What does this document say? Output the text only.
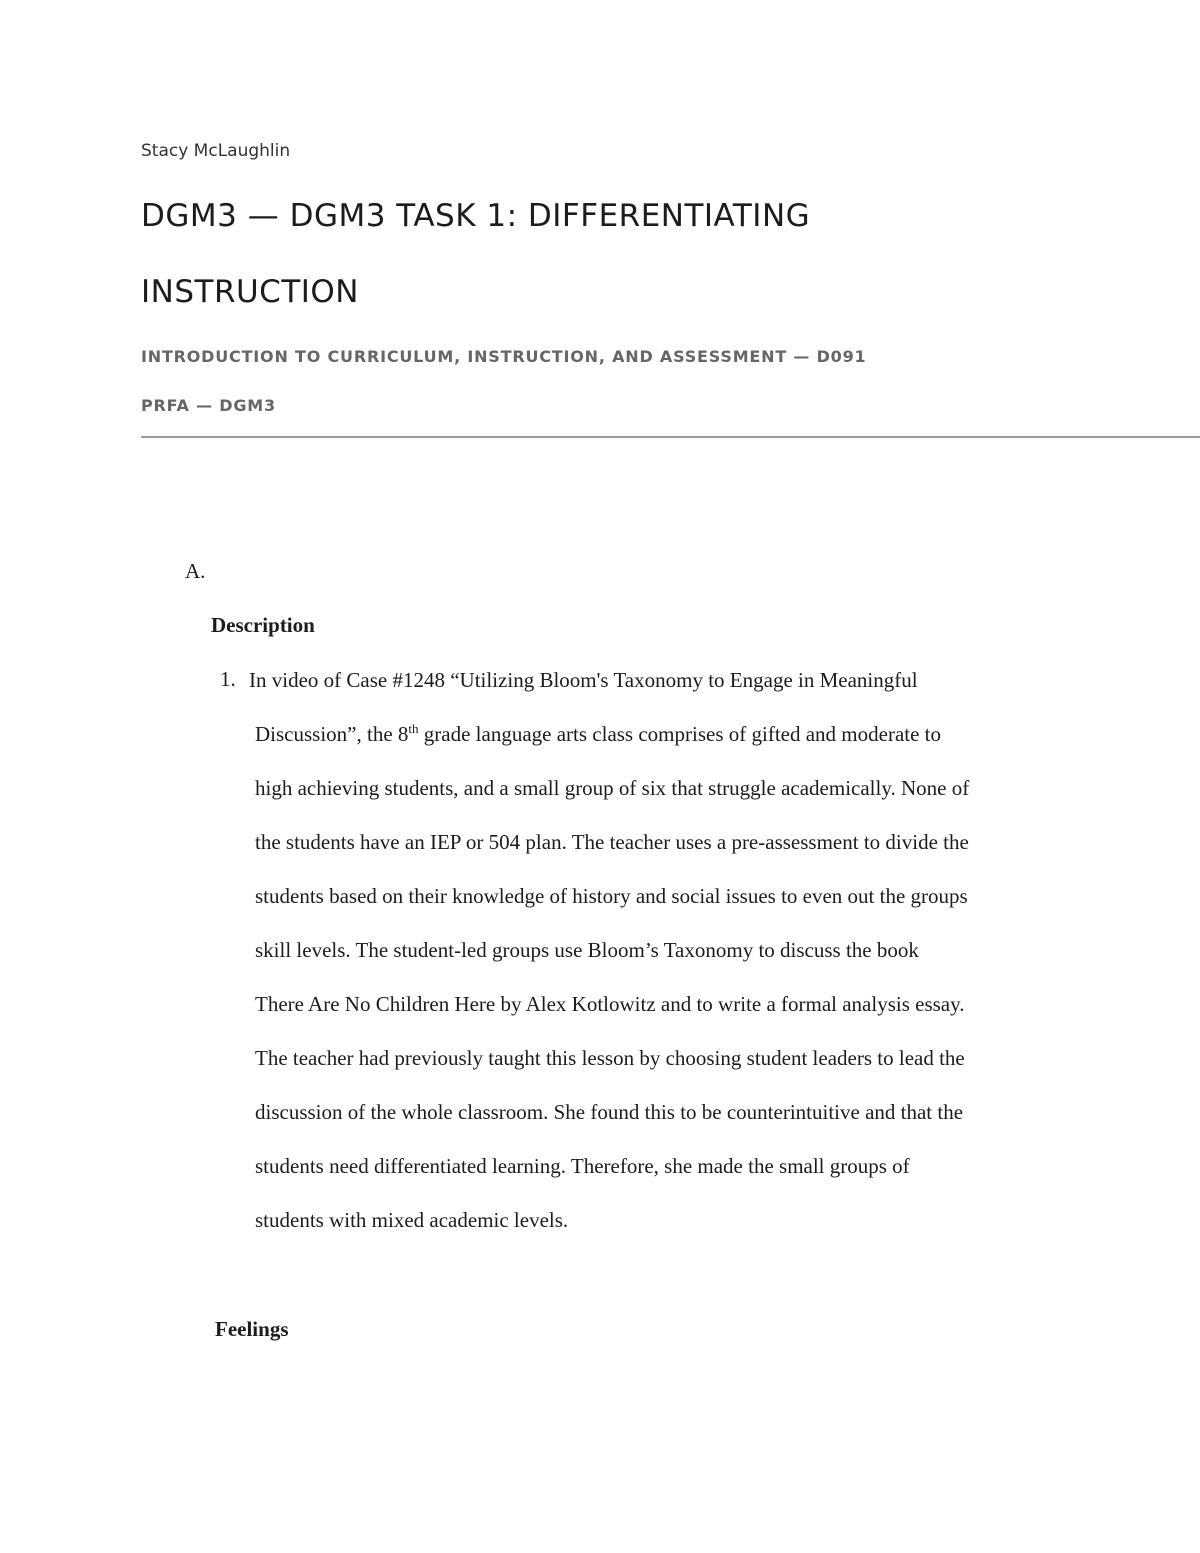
Stacy McLaughlin
DGM3 — DGM3 TASK 1: DIFFERENTIATING
INSTRUCTION
INTRODUCTION TO CURRICULUM, INSTRUCTION, AND ASSESSMENT — D091
PRFA — DGM3
A.
Description
1. In video of Case #1248 “Utilizing Bloom's Taxonomy to Engage in Meaningful
Discussion”, the 8th grade language arts class comprises of gifted and moderate to
high achieving students, and a small group of six that struggle academically. None of
the students have an IEP or 504 plan. The teacher uses a pre-assessment to divide the
students based on their knowledge of history and social issues to even out the groups
skill levels. The student-led groups use Bloom’s Taxonomy to discuss the book
There Are No Children Here by Alex Kotlowitz and to write a formal analysis essay.
The teacher had previously taught this lesson by choosing student leaders to lead the
discussion of the whole classroom. She found this to be counterintuitive and that the
students need differentiated learning. Therefore, she made the small groups of
students with mixed academic levels.
Feelings
